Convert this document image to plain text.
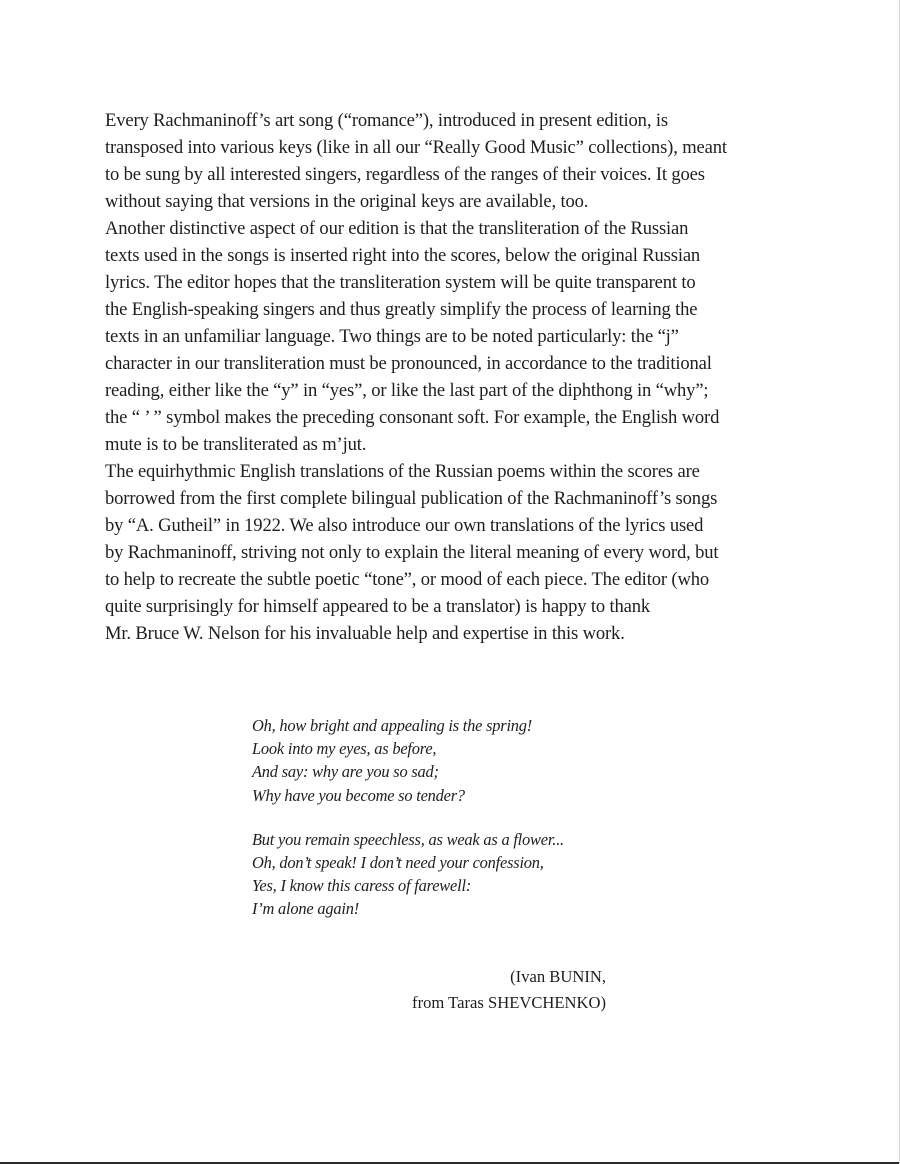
Every Rachmaninoff’s art song (“romance”), introduced in present edition, is
transposed into various keys (like in all our “Really Good Music” collections), meant
to be sung by all interested singers, regardless of the ranges of their voices. It goes
without saying that versions in the original keys are available, too.
Another distinctive aspect of our edition is that the transliteration of the Russian
texts used in the songs is inserted right into the scores, below the original Russian
lyrics. The editor hopes that the transliteration system will be quite transparent to
the English-speaking singers and thus greatly simplify the process of learning the
texts in an unfamiliar language. Two things are to be noted particularly: the “j”
character in our transliteration must be pronounced, in accordance to the traditional
reading, either like the “y” in “yes”, or like the last part of the diphthong in “why”;
the “ ’ ” symbol makes the preceding consonant soft. For example, the English word
mute is to be transliterated as m’jut.
The equirhythmic English translations of the Russian poems within the scores are
borrowed from the first complete bilingual publication of the Rachmaninoff’s songs
by “A. Gutheil” in 1922. We also introduce our own translations of the lyrics used
by Rachmaninoff, striving not only to explain the literal meaning of every word, but
to help to recreate the subtle poetic “tone”, or mood of each piece. The editor (who
quite surprisingly for himself appeared to be a translator) is happy to thank
Mr. Bruce W. Nelson for his invaluable help and expertise in this work.
Oh, how bright and appealing is the spring!
Look into my eyes, as before,
And say: why are you so sad;
Why have you become so tender?
But you remain speechless, as weak as a flower...
Oh, don’t speak! I don’t need your confession,
Yes, I know this caress of farewell:
I’m alone again!
(Ivan BUNIN,
from Taras SHEVCHENKO)
